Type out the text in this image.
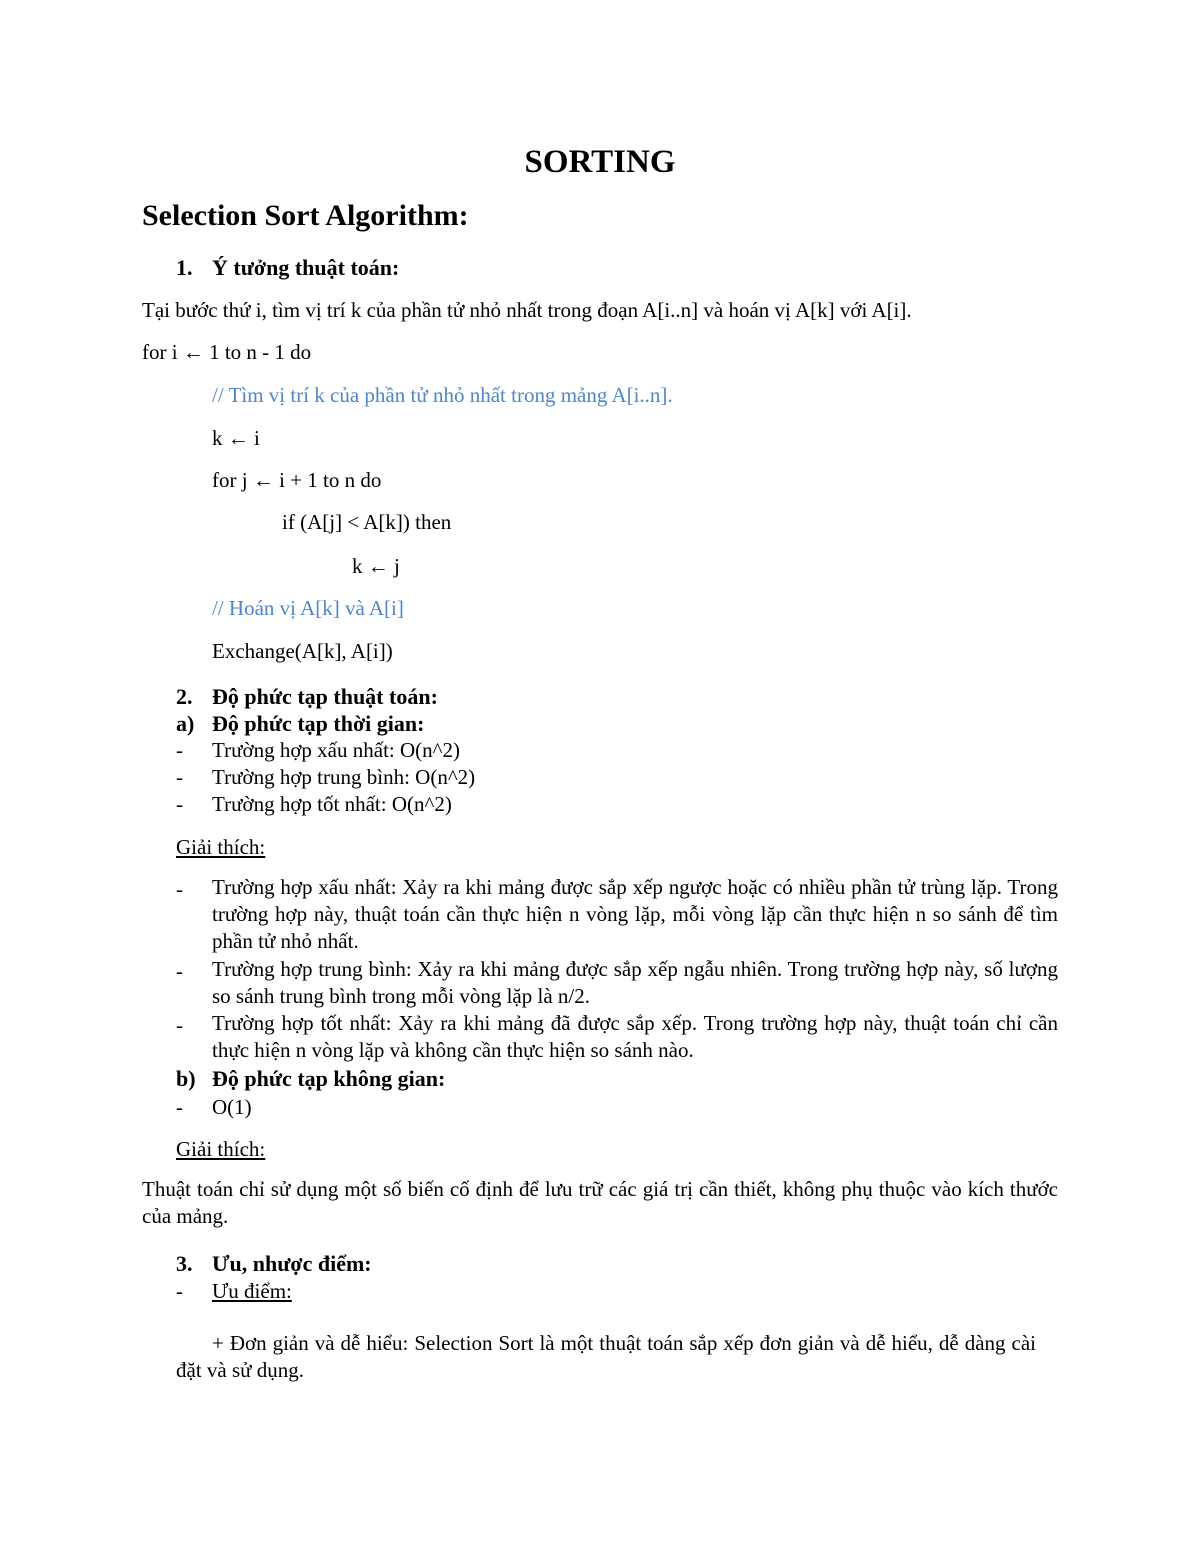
SORTING
Selection Sort Algorithm:
1. Ý tưởng thuật toán:
Tại bước thứ i, tìm vị trí k của phần tử nhỏ nhất trong đoạn A[i..n] và hoán vị A[k] với A[i].
for i ← 1 to n - 1 do
// Tìm vị trí k của phần tử nhỏ nhất trong mảng A[i..n].
k ← i
for j ← i + 1 to n do
if (A[j] < A[k]) then
k ← j
// Hoán vị A[k] và A[i]
Exchange(A[k], A[i])
2. Độ phức tạp thuật toán:
a) Độ phức tạp thời gian:
- Trường hợp xấu nhất: O(n^2)
- Trường hợp trung bình: O(n^2)
- Trường hợp tốt nhất: O(n^2)
Giải thích:
- Trường hợp xấu nhất: Xảy ra khi mảng được sắp xếp ngược hoặc có nhiều phần tử trùng lặp. Trong trường hợp này, thuật toán cần thực hiện n vòng lặp, mỗi vòng lặp cần thực hiện n so sánh để tìm phần tử nhỏ nhất.
- Trường hợp trung bình: Xảy ra khi mảng được sắp xếp ngẫu nhiên. Trong trường hợp này, số lượng so sánh trung bình trong mỗi vòng lặp là n/2.
- Trường hợp tốt nhất: Xảy ra khi mảng đã được sắp xếp. Trong trường hợp này, thuật toán chỉ cần thực hiện n vòng lặp và không cần thực hiện so sánh nào.
b) Độ phức tạp không gian:
- O(1)
Giải thích:
Thuật toán chỉ sử dụng một số biến cố định để lưu trữ các giá trị cần thiết, không phụ thuộc vào kích thước của mảng.
3. Ưu, nhược điểm:
- Ưu điểm:
+ Đơn giản và dễ hiểu: Selection Sort là một thuật toán sắp xếp đơn giản và dễ hiểu, dễ dàng cài đặt và sử dụng.
